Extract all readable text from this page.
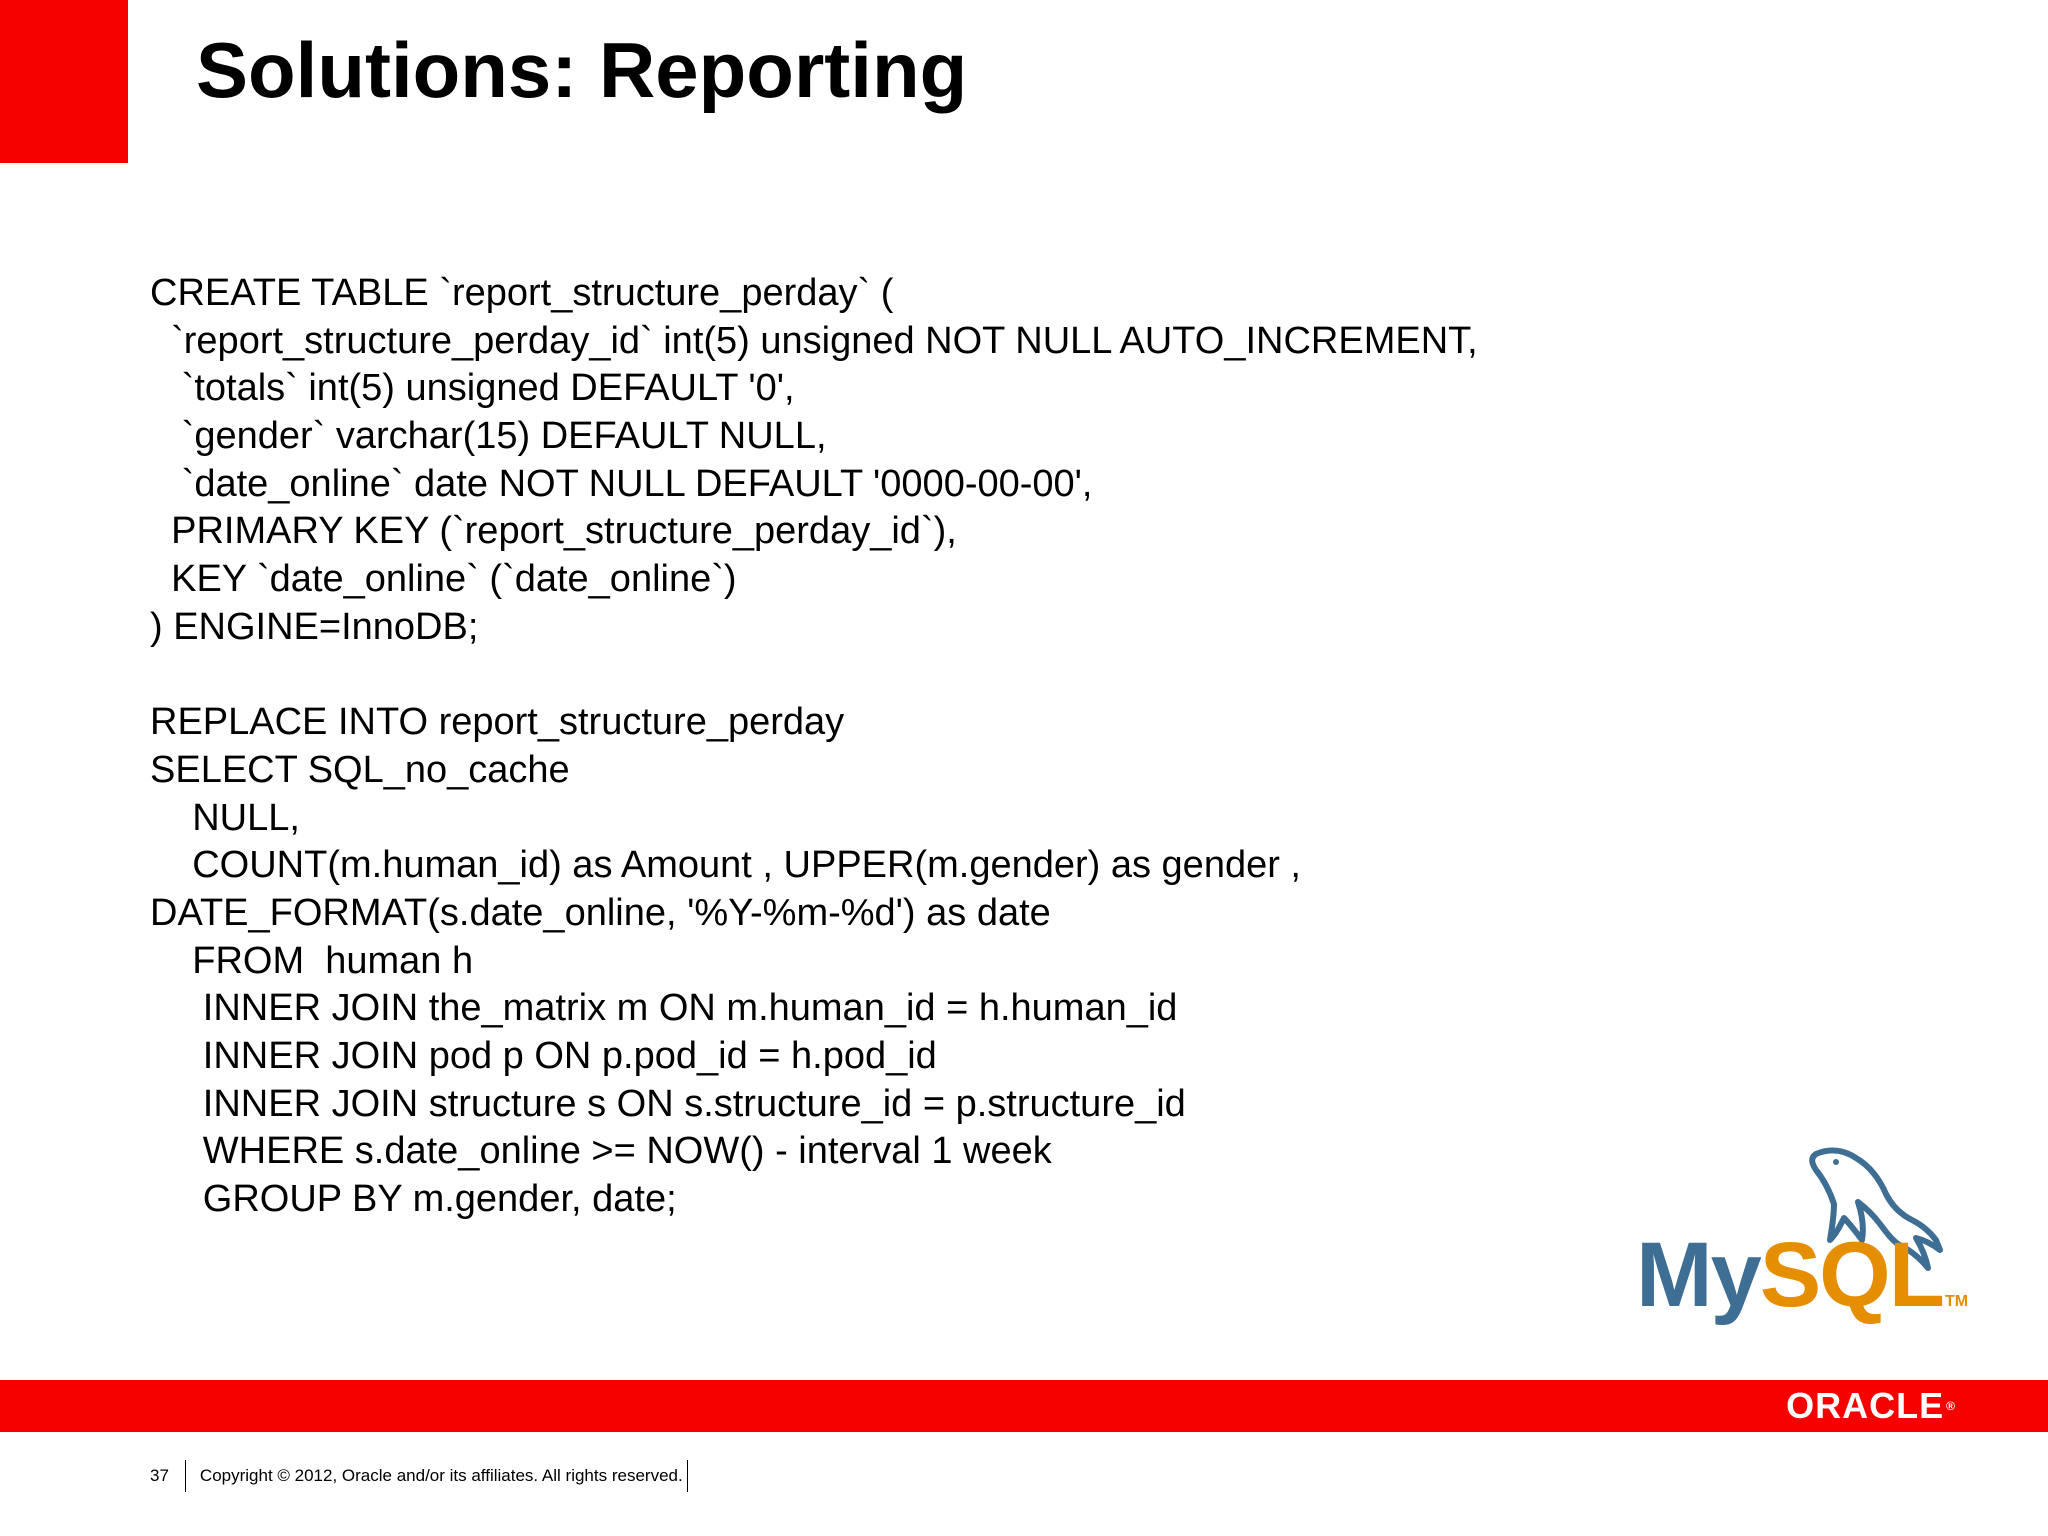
Solutions: Reporting
CREATE TABLE `report_structure_perday` (
`report_structure_perday_id` int(5) unsigned NOT NULL AUTO_INCREMENT,
`totals` int(5) unsigned DEFAULT '0',
`gender` varchar(15) DEFAULT NULL,
`date_online` date NOT NULL DEFAULT '0000-00-00',
PRIMARY KEY (`report_structure_perday_id`),
KEY `date_online` (`date_online`)
) ENGINE=InnoDB;
REPLACE INTO report_structure_perday
SELECT SQL_no_cache
NULL,
COUNT(m.human_id) as Amount , UPPER(m.gender) as gender ,
DATE_FORMAT(s.date_online, '%Y-%m-%d') as date
FROM  human h
INNER JOIN the_matrix m ON m.human_id = h.human_id
INNER JOIN pod p ON p.pod_id = h.pod_id
INNER JOIN structure s ON s.structure_id = p.structure_id
WHERE s.date_online >= NOW() - interval 1 week
GROUP BY m.gender, date;
MySQL TM
ORACLE ®
37 Copyright © 2012, Oracle and/or its affiliates. All rights reserved.
